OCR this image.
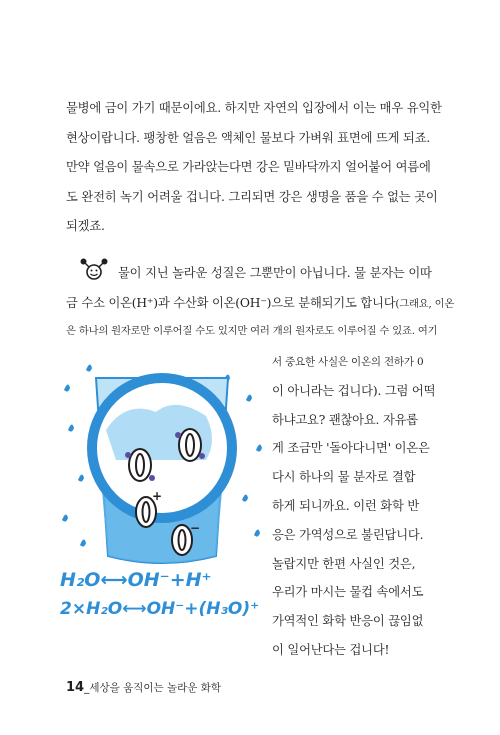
물병에 금이 가기 때문이에요. 하지만 자연의 입장에서 이는 매우 유익한
현상이랍니다. 팽창한 얼음은 액체인 물보다 가벼워 표면에 뜨게 되죠.
만약 얼음이 물속으로 가라앉는다면 강은 밑바닥까지 얼어붙어 여름에
도 완전히 녹기 어려울 겁니다. 그리되면 강은 생명을 품을 수 없는 곳이
되겠죠.
물이 지닌 놀라운 성질은 그뿐만이 아닙니다. 물 분자는 이따
금 수소 이온(H⁺)과 수산화 이온(OH⁻)으로 분해되기도 합니다(그래요, 이온
은 하나의 원자로만 이루어질 수도 있지만 여러 개의 원자로도 이루어질 수 있죠. 여기
+
−
H₂O⟷OH⁻+H⁺
2×H₂O⟷OH⁻+(H₃O)⁺
서 중요한 사실은 이온의 전하가 0
이 아니라는 겁니다). 그럼 어떡
하냐고요? 괜찮아요. 자유롭
게 조금만 '돌아다니면' 이온은
다시 하나의 물 분자로 결합
하게 되니까요. 이런 화학 반
응은 가역성으로 불린답니다.
놀랍지만 한편 사실인 것은,
우리가 마시는 물컵 속에서도
가역적인 화학 반응이 끊임없
이 일어난다는 겁니다!
14_세상을 움직이는 놀라운 화학
